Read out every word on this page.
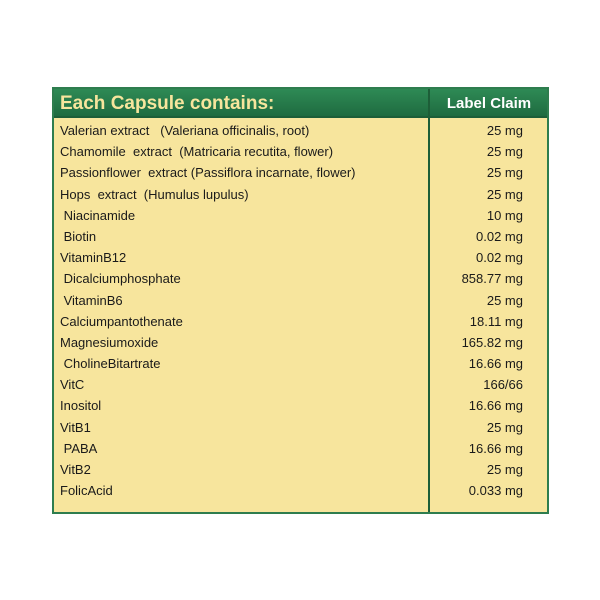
Each Capsule contains:	Label Claim
Valerian extract   (Valeriana officinalis, root)	25 mg
Chamomile  extract  (Matricaria recutita, flower)	25 mg
Passionflower  extract (Passiflora incarnate, flower)	25 mg
Hops  extract  (Humulus lupulus)	25 mg
Niacinamide	10 mg
Biotin	0.02 mg
VitaminB12	0.02 mg
Dicalciumphosphate	858.77 mg
VitaminB6	25 mg
Calciumpantothenate	18.11 mg
Magnesiumoxide	165.82 mg
CholineBitartrate	16.66 mg
VitC	166/66
Inositol	16.66 mg
VitB1	25 mg
PABA	16.66 mg
VitB2	25 mg
FolicAcid	0.033 mg
